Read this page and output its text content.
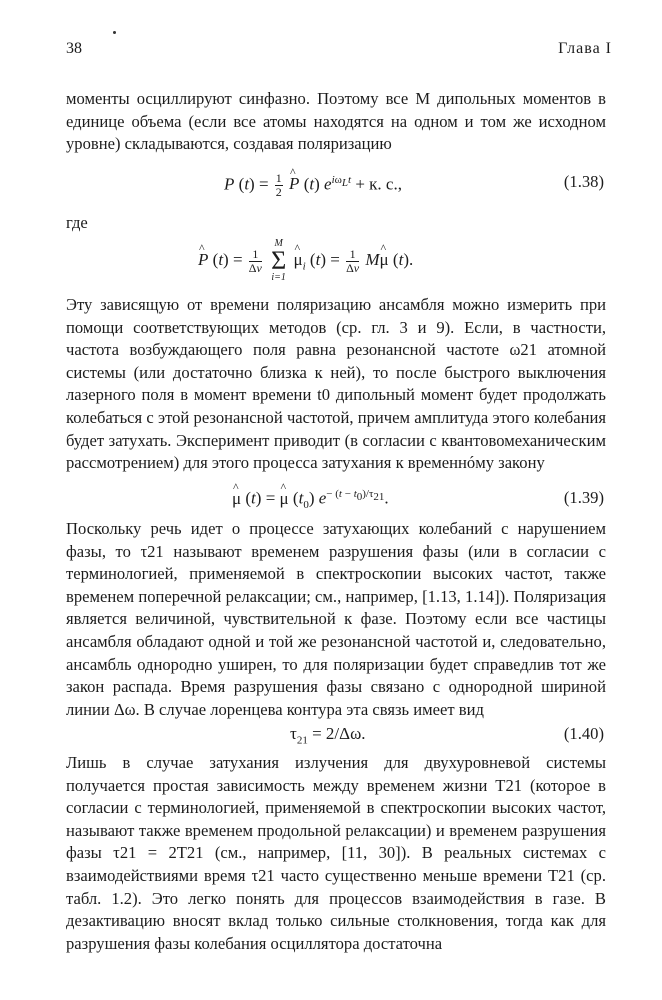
38	Глава I

моменты осциллируют синфазно. Поэтому все M дипольных моментов в единице объема (если все атомы находятся на одном и том же исходном уровне) складываются, создавая поляризацию

P $(t) = \frac{1}{2}$
^ P (t) $e^{i\omega_Lt} + к$. с.,	(1.38)
где
^ P $(t) = \frac{1}{\Delta v}$

M
Σ
i=1
^ $\mu_i$ $(t) = \frac{1}{\Delta v}$ M^ μ (t).

Эту зависящую от времени поляризацию ансамбля можно измерить при помощи соответствующих методов (ср. гл. 3 и 9). Если, в частности, частота возбуждающего поля равна резонансной частоте ω21 атомной системы (или достаточно близка к ней), то после быстрого выключения лазерного поля в момент времени t0 дипольный момент будет продолжать колебаться с этой резонансной частотой, причем амплитуда этого колебания будет затухать. Эксперимент приводит (в согласии с квантовомеханическим рассмотрением) для этого процесса затухания к временнóму закону

^ μ (t) = ^ μ $(t_0)$ $e^{- (t - t_0)/\tau_{21}}$.	(1.39)

Поскольку речь идет о процессе затухающих колебаний с нарушением фазы, то τ21 называют временем разрушения фазы (или в согласии с терминологией, применяемой в спектроскопии высоких частот, также временем поперечной релаксации; см., например, [1.13, 1.14]). Поляризация является величиной, чувствительной к фазе. Поэтому если все частицы ансамбля обладают одной и той же резонансной частотой и, следовательно, ансамбль однородно уширен, то для поляризации будет справедлив тот же закон распада. Время разрушения фазы связано с однородной шириной линии Δω. В случае лоренцева контура эта связь имеет вид

$\tau_{21} = 2/\Delta\omega$.	(1.40)

Лишь в случае затухания излучения для двухуровневой системы получается простая зависимость между временем жизни T21 (которое в согласии с терминологией, применяемой в спектроскопии высоких частот, называют также временем продольной релаксации) и временем разрушения фазы τ21 = 2T21 (см., например, [11, 30]). В реальных системах с взаимодействиями время τ21 часто существенно меньше времени T21 (ср. табл. 1.2). Это легко понять для процессов взаимодействия в газе. В дезактивацию вносят вклад только сильные столкновения, тогда как для разрушения фазы колебания осциллятора достаточна
